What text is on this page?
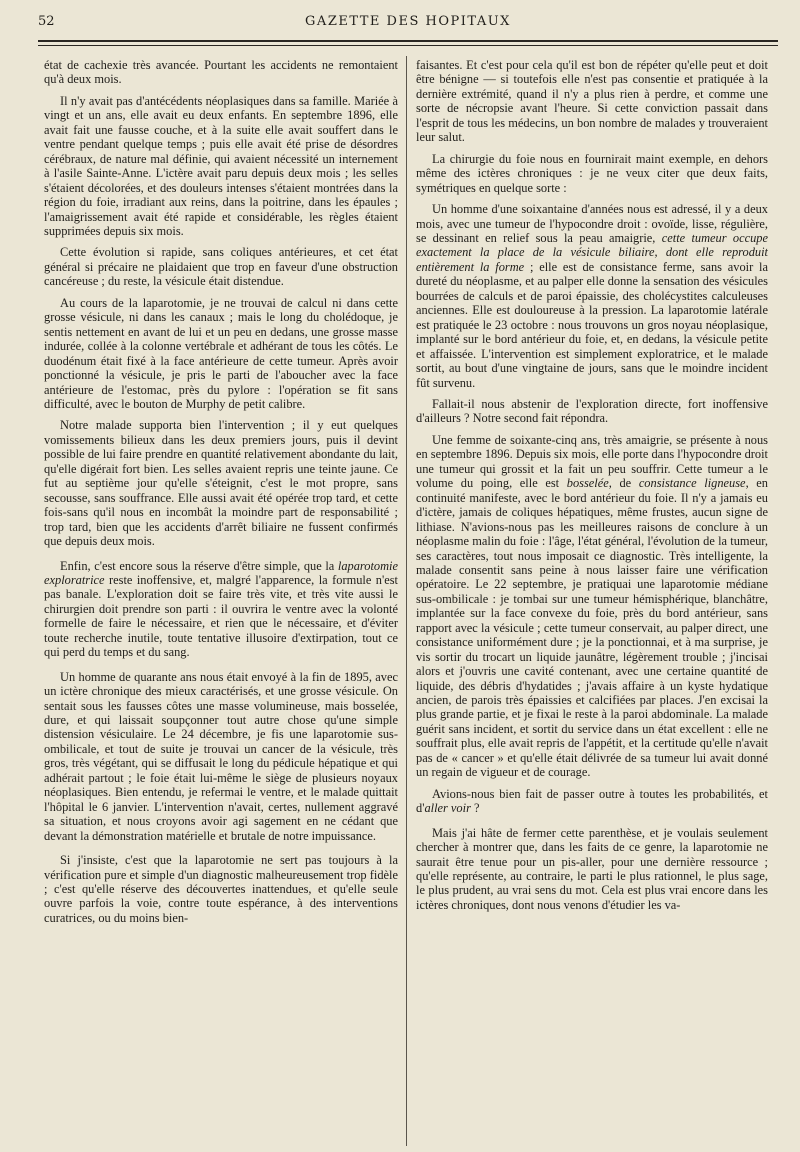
52	GAZETTE DES HOPITAUX

état de cachexie très avancée. Pourtant les accidents ne remontaient qu'à deux mois.

Il n'y avait pas d'antécédents néoplasiques dans sa famille. Mariée à vingt et un ans, elle avait eu deux enfants. En septembre 1896, elle avait fait une fausse couche, et à la suite elle avait souffert dans le ventre pendant quelque temps ; puis elle avait été prise de désordres cérébraux, de nature mal définie, qui avaient nécessité un internement à l'asile Sainte-Anne. L'ictère avait paru depuis deux mois ; les selles s'étaient décolorées, et des douleurs intenses s'étaient montrées dans la région du foie, irradiant aux reins, dans la poitrine, dans les épaules ; l'amaigrissement avait été rapide et considérable, les règles étaient supprimées depuis six mois.

Cette évolution si rapide, sans coliques antérieures, et cet état général si précaire ne plaidaient que trop en faveur d'une obstruction cancéreuse ; du reste, la vésicule était distendue.

Au cours de la laparotomie, je ne trouvai de calcul ni dans cette grosse vésicule, ni dans les canaux ; mais le long du cholédoque, je sentis nettement en avant de lui et un peu en dedans, une grosse masse indurée, collée à la colonne vertébrale et adhérant de tous les côtés. Le duodénum était fixé à la face antérieure de cette tumeur. Après avoir ponctionné la vésicule, je pris le parti de l'aboucher avec la face antérieure de l'estomac, près du pylore : l'opération se fit sans difficulté, avec le bouton de Murphy de petit calibre.

Notre malade supporta bien l'intervention ; il y eut quelques vomissements bilieux dans les deux premiers jours, puis il devint possible de lui faire prendre en quantité relativement abondante du lait, qu'elle digérait fort bien. Les selles avaient repris une teinte jaune. Ce fut au septième jour qu'elle s'éteignit, c'est le mot propre, sans secousse, sans souffrance. Elle aussi avait été opérée trop tard, et cette fois-sans qu'il nous en incombât la moindre part de responsabilité ; trop tard, bien que les accidents d'arrêt biliaire ne fussent confirmés que depuis deux mois.

Enfin, c'est encore sous la réserve d'être simple, que la laparotomie exploratrice reste inoffensive, et, malgré l'apparence, la formule n'est pas banale. L'exploration doit se faire très vite, et très vite aussi le chirurgien doit prendre son parti : il ouvrira le ventre avec la volonté formelle de faire le nécessaire, et rien que le nécessaire, et d'éviter toute recherche inutile, toute tentative illusoire d'extirpation, tout ce qui perd du temps et du sang.

Un homme de quarante ans nous était envoyé à la fin de 1895, avec un ictère chronique des mieux caractérisés, et une grosse vésicule. On sentait sous les fausses côtes une masse volumineuse, mais bosselée, dure, et qui laissait soupçonner tout autre chose qu'une simple distension vésiculaire. Le 24 décembre, je fis une laparotomie sus-ombilicale, et tout de suite je trouvai un cancer de la vésicule, très gros, très végétant, qui se diffusait le long du pédicule hépatique et qui adhérait partout ; le foie était lui-même le siège de plusieurs noyaux néoplasiques. Bien entendu, je refermai le ventre, et le malade quittait l'hôpital le 6 janvier. L'intervention n'avait, certes, nullement aggravé sa situation, et nous croyons avoir agi sagement en ne cédant que devant la démonstration matérielle et brutale de notre impuissance.

Si j'insiste, c'est que la laparotomie ne sert pas toujours à la vérification pure et simple d'un diagnostic malheureusement trop fidèle ; c'est qu'elle réserve des découvertes inattendues, et qu'elle seule ouvre parfois la voie, contre toute espérance, à des interventions curatrices, ou du moins bien-

faisantes. Et c'est pour cela qu'il est bon de répéter qu'elle peut et doit être bénigne — si toutefois elle n'est pas consentie et pratiquée à la dernière extrémité, quand il n'y a plus rien à perdre, et comme une sorte de nécropsie avant l'heure. Si cette conviction passait dans l'esprit de tous les médecins, un bon nombre de malades y trouveraient leur salut.

La chirurgie du foie nous en fournirait maint exemple, en dehors même des ictères chroniques : je ne veux citer que deux faits, symétriques en quelque sorte :

Un homme d'une soixantaine d'années nous est adressé, il y a deux mois, avec une tumeur de l'hypocondre droit : ovoïde, lisse, régulière, se dessinant en relief sous la peau amaigrie, cette tumeur occupe exactement la place de la vésicule biliaire, dont elle reproduit entièrement la forme ; elle est de consistance ferme, sans avoir la dureté du néoplasme, et au palper elle donne la sensation des vésicules bourrées de calculs et de paroi épaissie, des cholécystites calculeuses anciennes. Elle est douloureuse à la pression. La laparotomie latérale est pratiquée le 23 octobre : nous trouvons un gros noyau néoplasique, implanté sur le bord antérieur du foie, et, en dedans, la vésicule petite et affaissée. L'intervention est simplement exploratrice, et le malade sortit, au bout d'une vingtaine de jours, sans que le moindre incident fût survenu.

Fallait-il nous abstenir de l'exploration directe, fort inoffensive d'ailleurs ? Notre second fait répondra.

Une femme de soixante-cinq ans, très amaigrie, se présente à nous en septembre 1896. Depuis six mois, elle porte dans l'hypocondre droit une tumeur qui grossit et la fait un peu souffrir. Cette tumeur a le volume du poing, elle est bosselée, de consistance ligneuse, en continuité manifeste, avec le bord antérieur du foie. Il n'y a jamais eu d'ictère, jamais de coliques hépatiques, même frustes, aucun signe de lithiase. N'avions-nous pas les meilleures raisons de conclure à un néoplasme malin du foie : l'âge, l'état général, l'évolution de la tumeur, ses caractères, tout nous imposait ce diagnostic. Très intelligente, la malade consentit sans peine à nous laisser faire une vérification opératoire. Le 22 septembre, je pratiquai une laparotomie médiane sus-ombilicale : je tombai sur une tumeur hémisphérique, blanchâtre, implantée sur la face convexe du foie, près du bord antérieur, sans rapport avec la vésicule ; cette tumeur conservait, au palper direct, une consistance uniformément dure ; je la ponctionnai, et à ma surprise, je vis sortir du trocart un liquide jaunâtre, légèrement trouble ; j'incisai alors et j'ouvris une cavité contenant, avec une certaine quantité de liquide, des débris d'hydatides ; j'avais affaire à un kyste hydatique ancien, de parois très épaissies et calcifiées par places. J'en excisai la plus grande partie, et je fixai le reste à la paroi abdominale. La malade guérit sans incident, et sortit du service dans un état excellent : elle ne souffrait plus, elle avait repris de l'appétit, et la certitude qu'elle n'avait pas de « cancer » et qu'elle était délivrée de sa tumeur lui avait donné un regain de vigueur et de courage.

Avions-nous bien fait de passer outre à toutes les probabilités, et d'aller voir ?

Mais j'ai hâte de fermer cette parenthèse, et je voulais seulement chercher à montrer que, dans les faits de ce genre, la laparotomie ne saurait être tenue pour un pis-aller, pour une dernière ressource ; qu'elle représente, au contraire, le parti le plus rationnel, le plus sage, le plus prudent, au vrai sens du mot. Cela est plus vrai encore dans les ictères chroniques, dont nous venons d'étudier les va-
